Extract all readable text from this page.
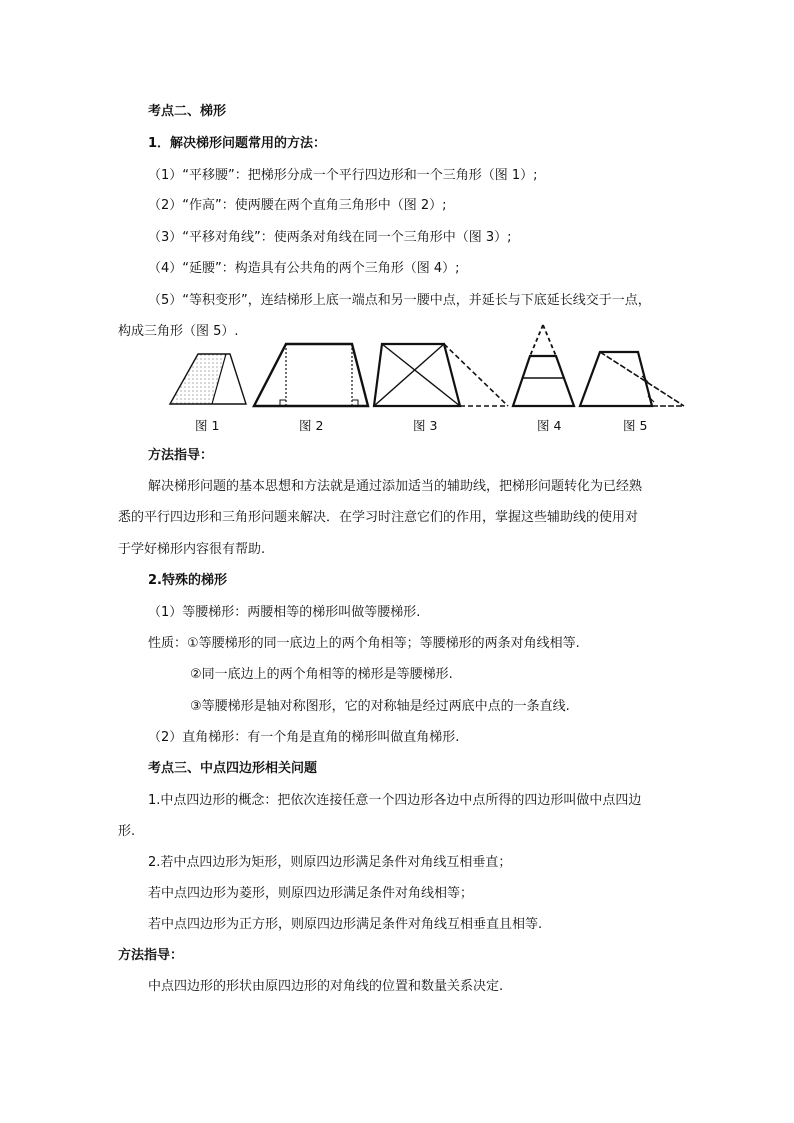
考点二、梯形
1．解决梯形问题常用的方法：
（1）“平移腰”：把梯形分成一个平行四边形和一个三角形（图 1）;
（2）“作高”：使两腰在两个直角三角形中（图 2）;
（3）“平移对角线”：使两条对角线在同一个三角形中（图 3）;
（4）“延腰”：构造具有公共角的两个三角形（图 4）;
（5）“等积变形”，连结梯形上底一端点和另一腰中点，并延长与下底延长线交于一点，
构成三角形（图 5）.
图 1	图 2	图 3	图 4	图 5
方法指导：
解决梯形问题的基本思想和方法就是通过添加适当的辅助线，把梯形问题转化为已经熟
悉的平行四边形和三角形问题来解决．在学习时注意它们的作用，掌握这些辅助线的使用对
于学好梯形内容很有帮助.
2.特殊的梯形
（1）等腰梯形：两腰相等的梯形叫做等腰梯形.
性质：①等腰梯形的同一底边上的两个角相等；等腰梯形的两条对角线相等.
②同一底边上的两个角相等的梯形是等腰梯形.
③等腰梯形是轴对称图形，它的对称轴是经过两底中点的一条直线.
（2）直角梯形：有一个角是直角的梯形叫做直角梯形.
考点三、中点四边形相关问题
1.中点四边形的概念：把依次连接任意一个四边形各边中点所得的四边形叫做中点四边
形.
2.若中点四边形为矩形，则原四边形满足条件对角线互相垂直；
若中点四边形为菱形，则原四边形满足条件对角线相等；
若中点四边形为正方形，则原四边形满足条件对角线互相垂直且相等.
方法指导：
中点四边形的形状由原四边形的对角线的位置和数量关系决定.
